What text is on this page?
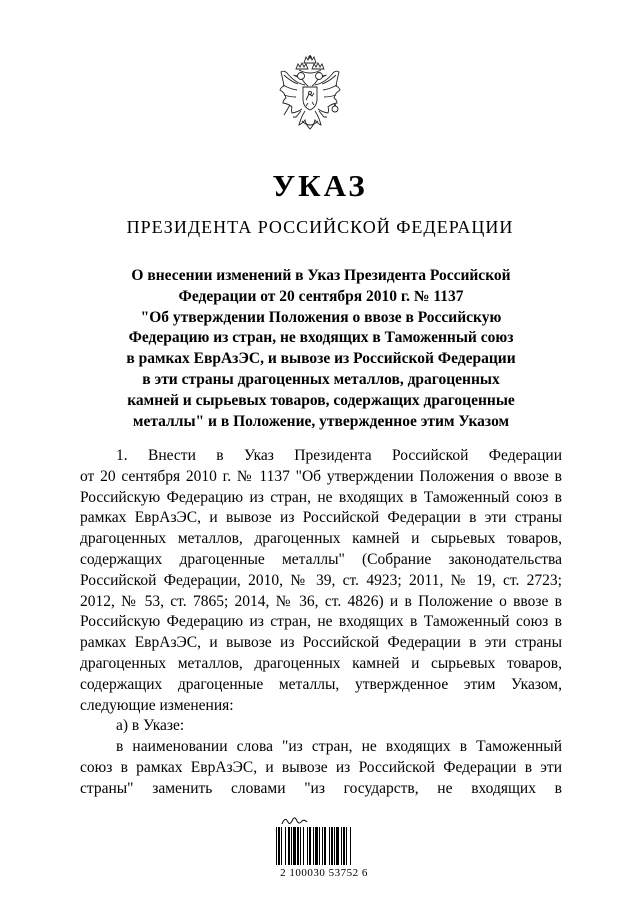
УКАЗ
ПРЕЗИДЕНТА РОССИЙСКОЙ ФЕДЕРАЦИИ
О внесении изменений в Указ Президента Российской
Федерации от 20 сентября 2010 г. № 1137
"Об утверждении Положения о ввозе в Российскую
Федерацию из стран, не входящих в Таможенный союз
в рамках ЕврАзЭС, и вывозе из Российской Федерации
в эти страны драгоценных металлов, драгоценных
камней и сырьевых товаров, содержащих драгоценные
металлы" и в Положение, утвержденное этим Указом
1. Внести в Указ Президента Российской Федерации
от 20 сентября 2010 г. № 1137 "Об утверждении Положения о ввозе в
Российскую Федерацию из стран, не входящих в Таможенный союз в
рамках ЕврАзЭС, и вывозе из Российской Федерации в эти страны
драгоценных металлов, драгоценных камней и сырьевых товаров,
содержащих драгоценные металлы" (Собрание законодательства
Российской Федерации, 2010, № 39, ст. 4923; 2011, № 19, ст. 2723;
2012, № 53, ст. 7865; 2014, № 36, ст. 4826) и в Положение о ввозе в
Российскую Федерацию из стран, не входящих в Таможенный союз в
рамках ЕврАзЭС, и вывозе из Российской Федерации в эти страны
драгоценных металлов, драгоценных камней и сырьевых товаров,
содержащих драгоценные металлы, утвержденное этим Указом,
следующие изменения:
а) в Указе:
в наименовании слова "из стран, не входящих в Таможенный
союз в рамках ЕврАзЭС, и вывозе из Российской Федерации в эти
страны" заменить словами "из государств, не входящих в
2 100030 53752 6
